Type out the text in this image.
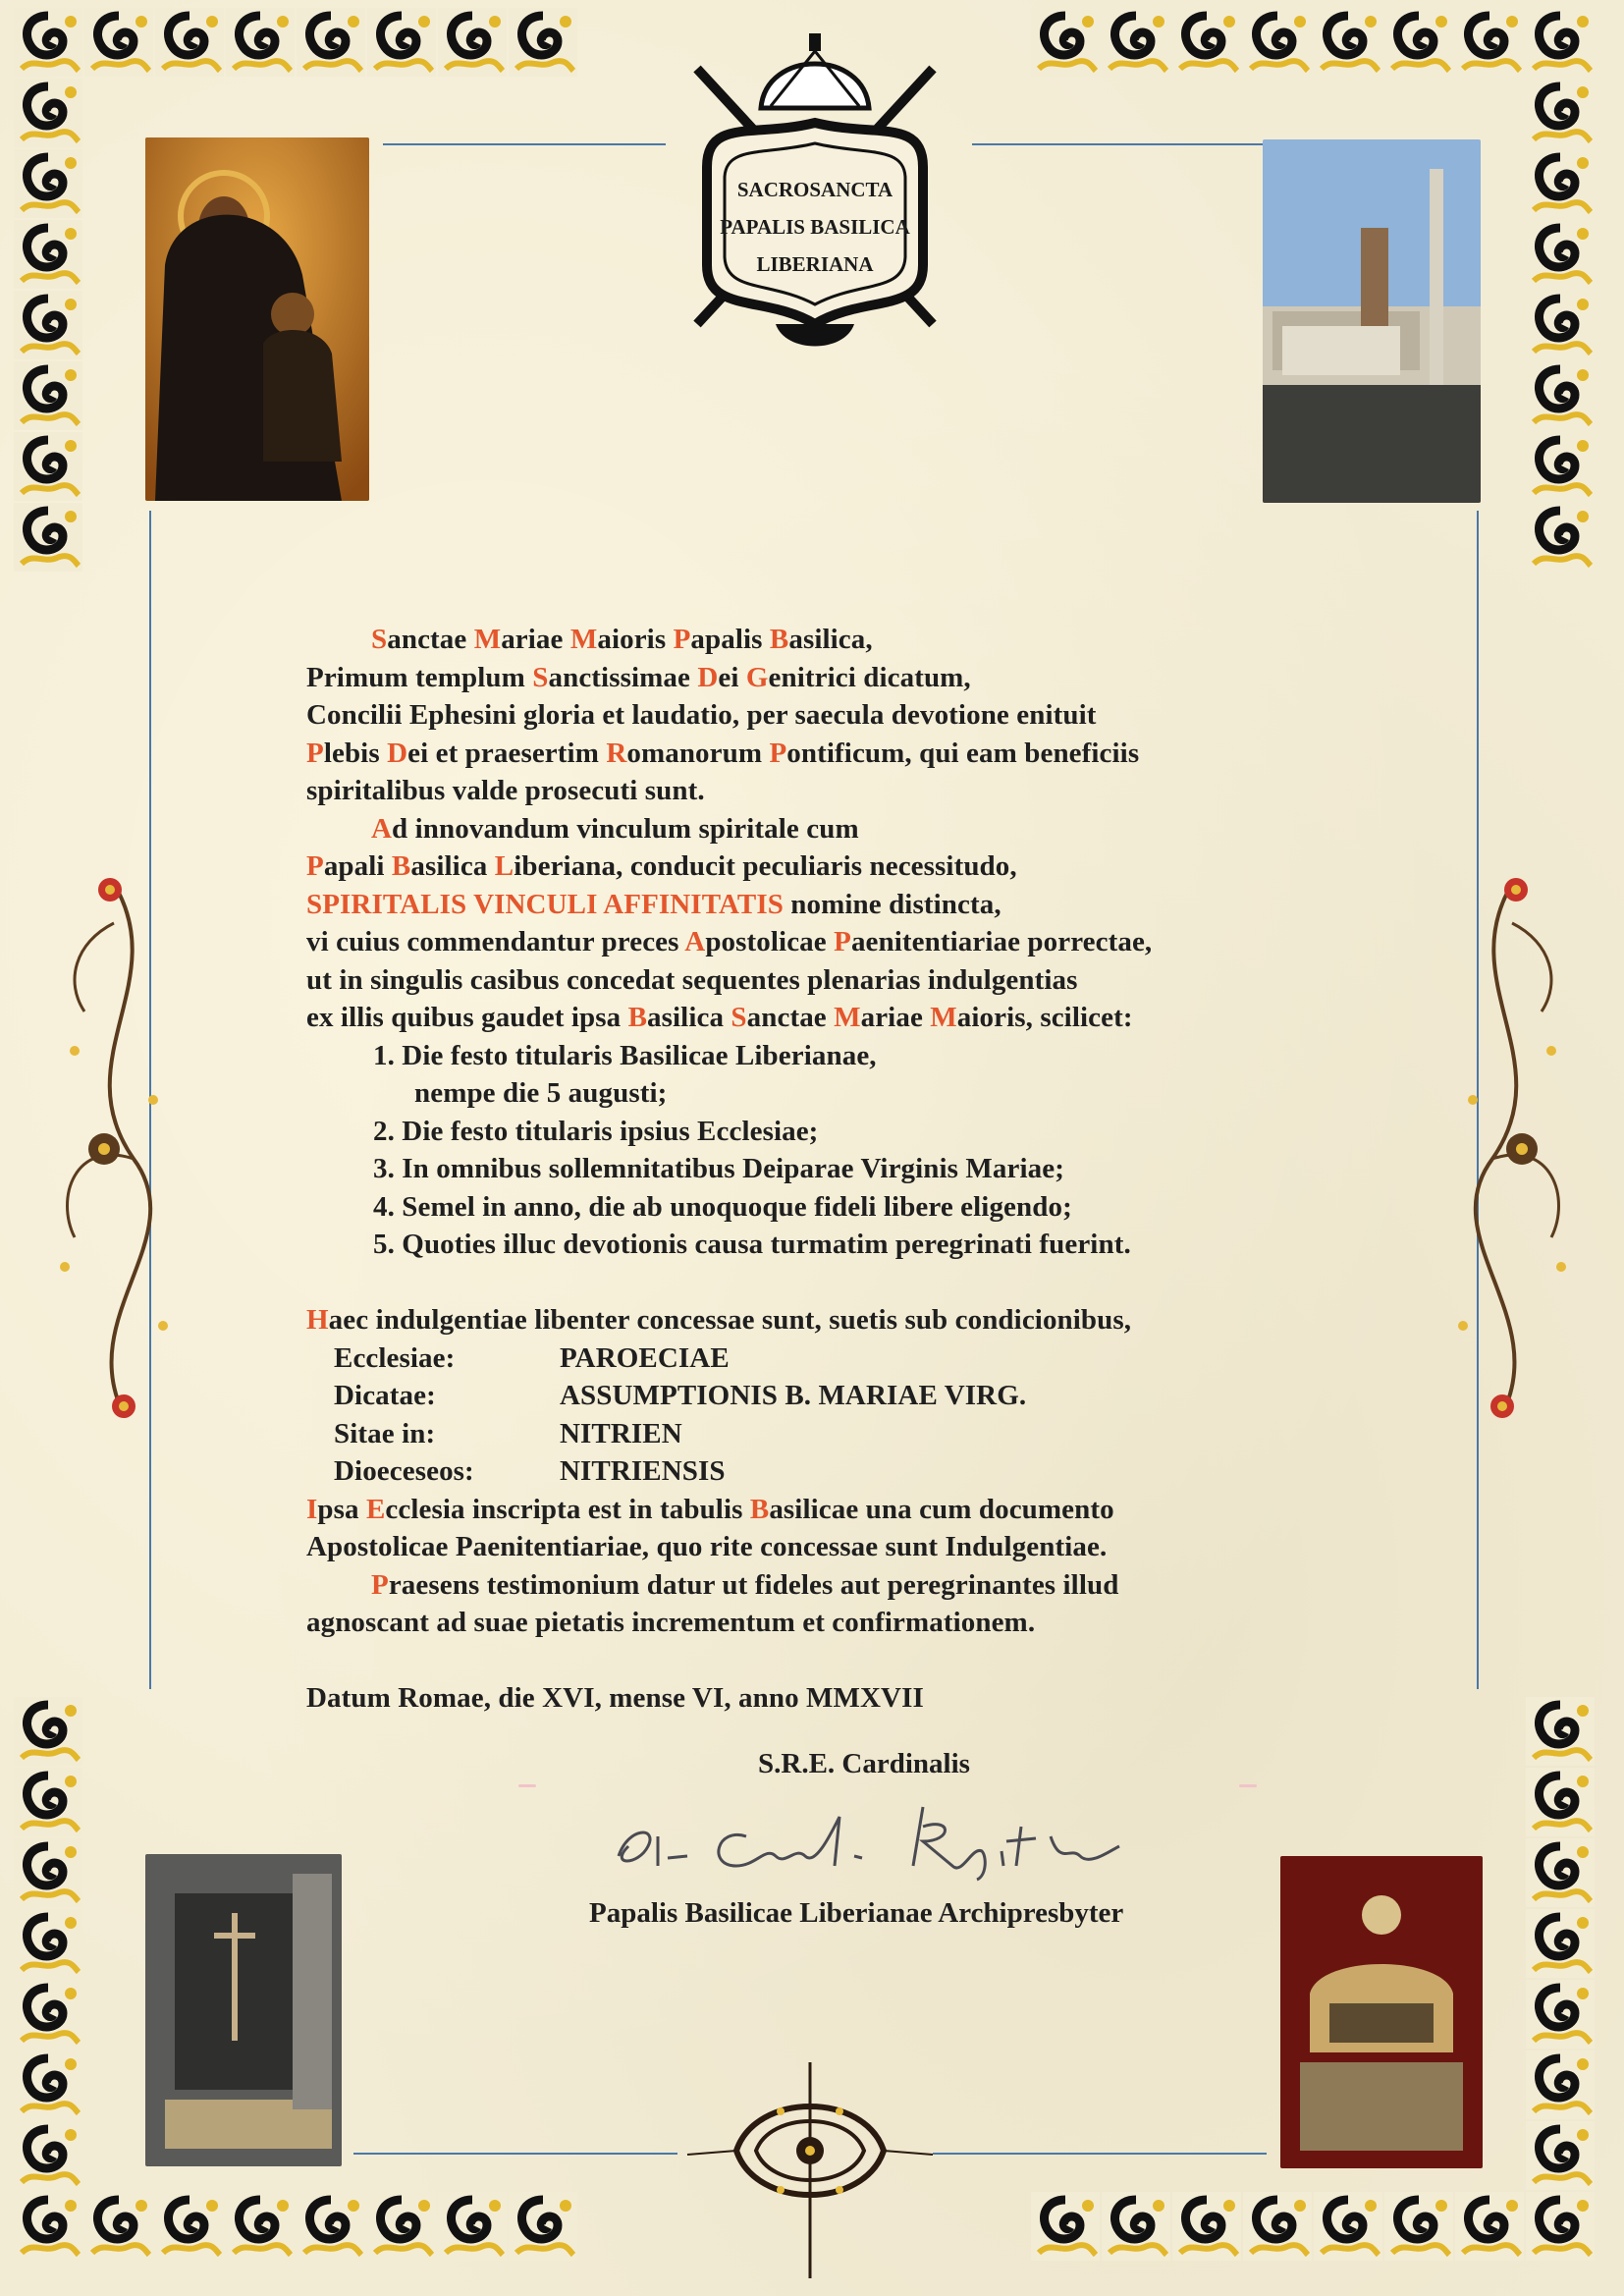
SACROSANCTA
PAPALIS BASILICA
LIBERIANA
Sanctae Mariae Maioris Papalis Basilica,
Primum templum Sanctissimae Dei Genitrici dicatum,
Concilii Ephesini gloria et laudatio, per saecula devotione enituit
Plebis Dei et praesertim Romanorum Pontificum, qui eam beneficiis
spiritalibus valde prosecuti sunt.
Ad innovandum vinculum spiritale cum
Papali Basilica Liberiana, conducit peculiaris necessitudo,
SPIRITALIS VINCULI AFFINITATIS nomine distincta,
vi cuius commendantur preces Apostolicae Paenitentiariae porrectae,
ut in singulis casibus concedat sequentes plenarias indulgentias
ex illis quibus gaudet ipsa Basilica Sanctae Mariae Maioris, scilicet:
1. Die festo titularis Basilicae Liberianae,
nempe die 5 augusti;
2. Die festo titularis ipsius Ecclesiae;
3. In omnibus sollemnitatibus Deiparae Virginis Mariae;
4. Semel in anno, die ab unoquoque fideli libere eligendo;
5. Quoties illuc devotionis causa turmatim peregrinati fuerint.
Haec indulgentiae libenter concessae sunt, suetis sub condicionibus,
Ecclesiae:	PAROECIAE
Dicatae:	ASSUMPTIONIS B. MARIAE VIRG.
Sitae in:	NITRIEN
Dioeceseos:	NITRIENSIS
Ipsa Ecclesia inscripta est in tabulis Basilicae una cum documento
Apostolicae Paenitentiariae, quo rite concessae sunt Indulgentiae.
Praesens testimonium datur ut fideles aut peregrinantes illud
agnoscant ad suae pietatis incrementum et confirmationem.
Datum Romae, die XVI, mense VI, anno MMXVII
S.R.E. Cardinalis
Papalis Basilicae Liberianae Archipresbyter
